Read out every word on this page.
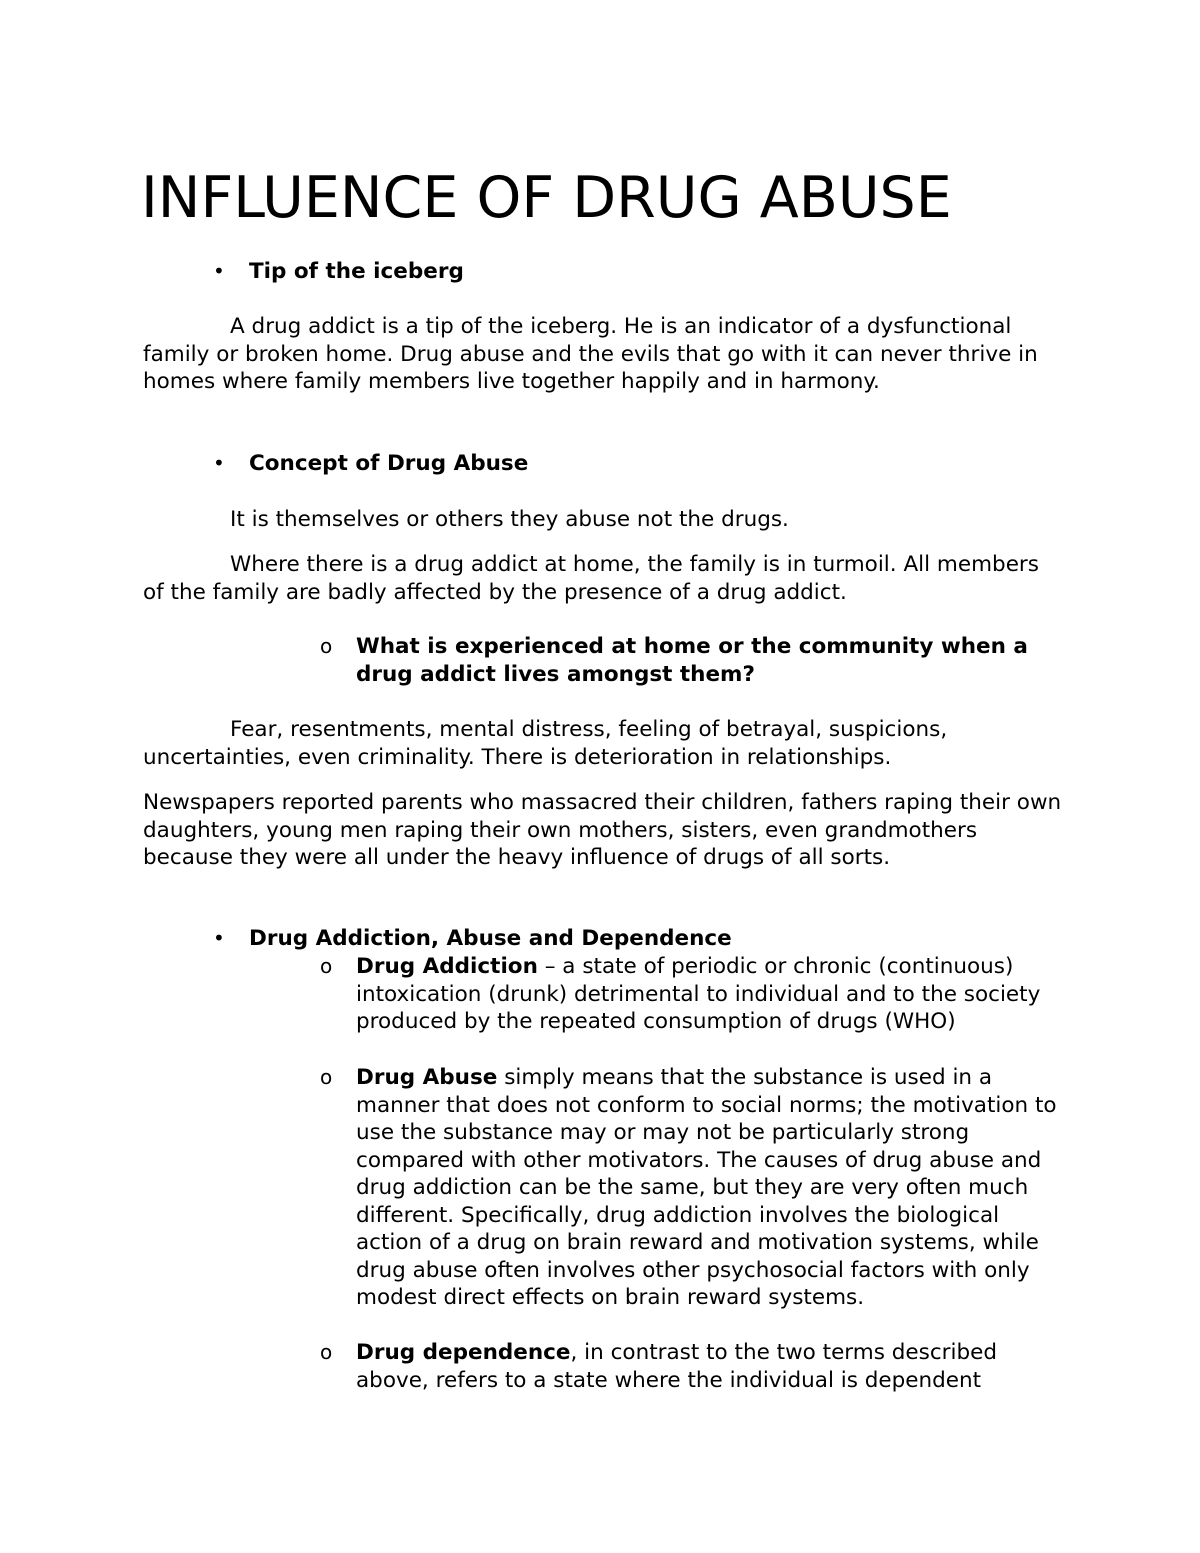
INFLUENCE OF DRUG ABUSE
• Tip of the iceberg

A drug addict is a tip of the iceberg. He is an indicator of a dysfunctional family or broken home. Drug abuse and the evils that go with it can never thrive in homes where family members live together happily and in harmony.

• Concept of Drug Abuse

It is themselves or others they abuse not the drugs.

Where there is a drug addict at home, the family is in turmoil. All members of the family are badly affected by the presence of a drug addict.

o What is experienced at home or the community when a drug addict lives amongst them?

Fear, resentments, mental distress, feeling of betrayal, suspicions, uncertainties, even criminality. There is deterioration in relationships.

Newspapers reported parents who massacred their children, fathers raping their own daughters, young men raping their own mothers, sisters, even grandmothers because they were all under the heavy influence of drugs of all sorts.

• Drug Addiction, Abuse and Dependence
o Drug Addiction – a state of periodic or chronic (continuous) intoxication (drunk) detrimental to individual and to the society produced by the repeated consumption of drugs (WHO)
o Drug Abuse simply means that the substance is used in a manner that does not conform to social norms; the motivation to use the substance may or may not be particularly strong compared with other motivators. The causes of drug abuse and drug addiction can be the same, but they are very often much different. Specifically, drug addiction involves the biological action of a drug on brain reward and motivation systems, while drug abuse often involves other psychosocial factors with only modest direct effects on brain reward systems.
o Drug dependence, in contrast to the two terms described above, refers to a state where the individual is dependent
